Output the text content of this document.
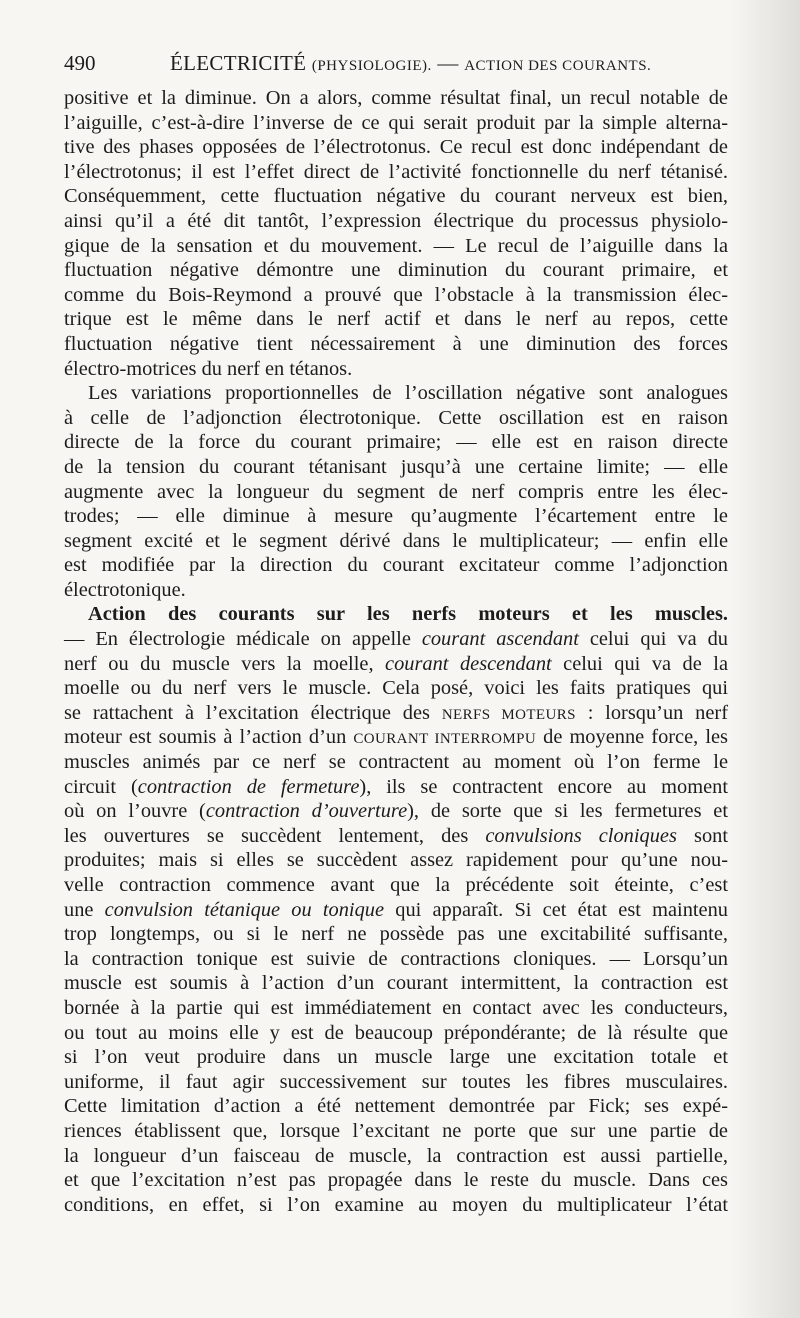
490	ÉLECTRICITÉ (PHYSIOLOGIE). — ACTION DES COURANTS.
positive et la diminue. On a alors, comme résultat final, un recul notable de
l’aiguille, c’est-à-dire l’inverse de ce qui serait produit par la simple alterna-
tive des phases opposées de l’électrotonus. Ce recul est donc indépendant de
l’électrotonus; il est l’effet direct de l’activité fonctionnelle du nerf tétanisé.
Conséquemment, cette fluctuation négative du courant nerveux est bien,
ainsi qu’il a été dit tantôt, l’expression électrique du processus physiolo-
gique de la sensation et du mouvement. — Le recul de l’aiguille dans la
fluctuation négative démontre une diminution du courant primaire, et
comme du Bois-Reymond a prouvé que l’obstacle à la transmission élec-
trique est le même dans le nerf actif et dans le nerf au repos, cette
fluctuation négative tient nécessairement à une diminution des forces
électro-motrices du nerf en tétanos.
Les variations proportionnelles de l’oscillation négative sont analogues
à celle de l’adjonction électrotonique. Cette oscillation est en raison
directe de la force du courant primaire; — elle est en raison directe
de la tension du courant tétanisant jusqu’à une certaine limite; — elle
augmente avec la longueur du segment de nerf compris entre les élec-
trodes; — elle diminue à mesure qu’augmente l’écartement entre le
segment excité et le segment dérivé dans le multiplicateur; — enfin elle
est modifiée par la direction du courant excitateur comme l’adjonction
électrotonique.
Action des courants sur les nerfs moteurs et les muscles.
— En électrologie médicale on appelle courant ascendant celui qui va du
nerf ou du muscle vers la moelle, courant descendant celui qui va de la
moelle ou du nerf vers le muscle. Cela posé, voici les faits pratiques qui
se rattachent à l’excitation électrique des NERFS MOTEURS : lorsqu’un nerf
moteur est soumis à l’action d’un COURANT INTERROMPU de moyenne force, les
muscles animés par ce nerf se contractent au moment où l’on ferme le
circuit (contraction de fermeture), ils se contractent encore au moment
où on l’ouvre (contraction d’ouverture), de sorte que si les fermetures et
les ouvertures se succèdent lentement, des convulsions cloniques sont
produites; mais si elles se succèdent assez rapidement pour qu’une nou-
velle contraction commence avant que la précédente soit éteinte, c’est
une convulsion tétanique ou tonique qui apparaît. Si cet état est maintenu
trop longtemps, ou si le nerf ne possède pas une excitabilité suffisante,
la contraction tonique est suivie de contractions cloniques. — Lorsqu’un
muscle est soumis à l’action d’un courant intermittent, la contraction est
bornée à la partie qui est immédiatement en contact avec les conducteurs,
ou tout au moins elle y est de beaucoup prépondérante; de là résulte que
si l’on veut produire dans un muscle large une excitation totale et
uniforme, il faut agir successivement sur toutes les fibres musculaires.
Cette limitation d’action a été nettement demontrée par Fick; ses expé-
riences établissent que, lorsque l’excitant ne porte que sur une partie de
la longueur d’un faisceau de muscle, la contraction est aussi partielle,
et que l’excitation n’est pas propagée dans le reste du muscle. Dans ces
conditions, en effet, si l’on examine au moyen du multiplicateur l’état
